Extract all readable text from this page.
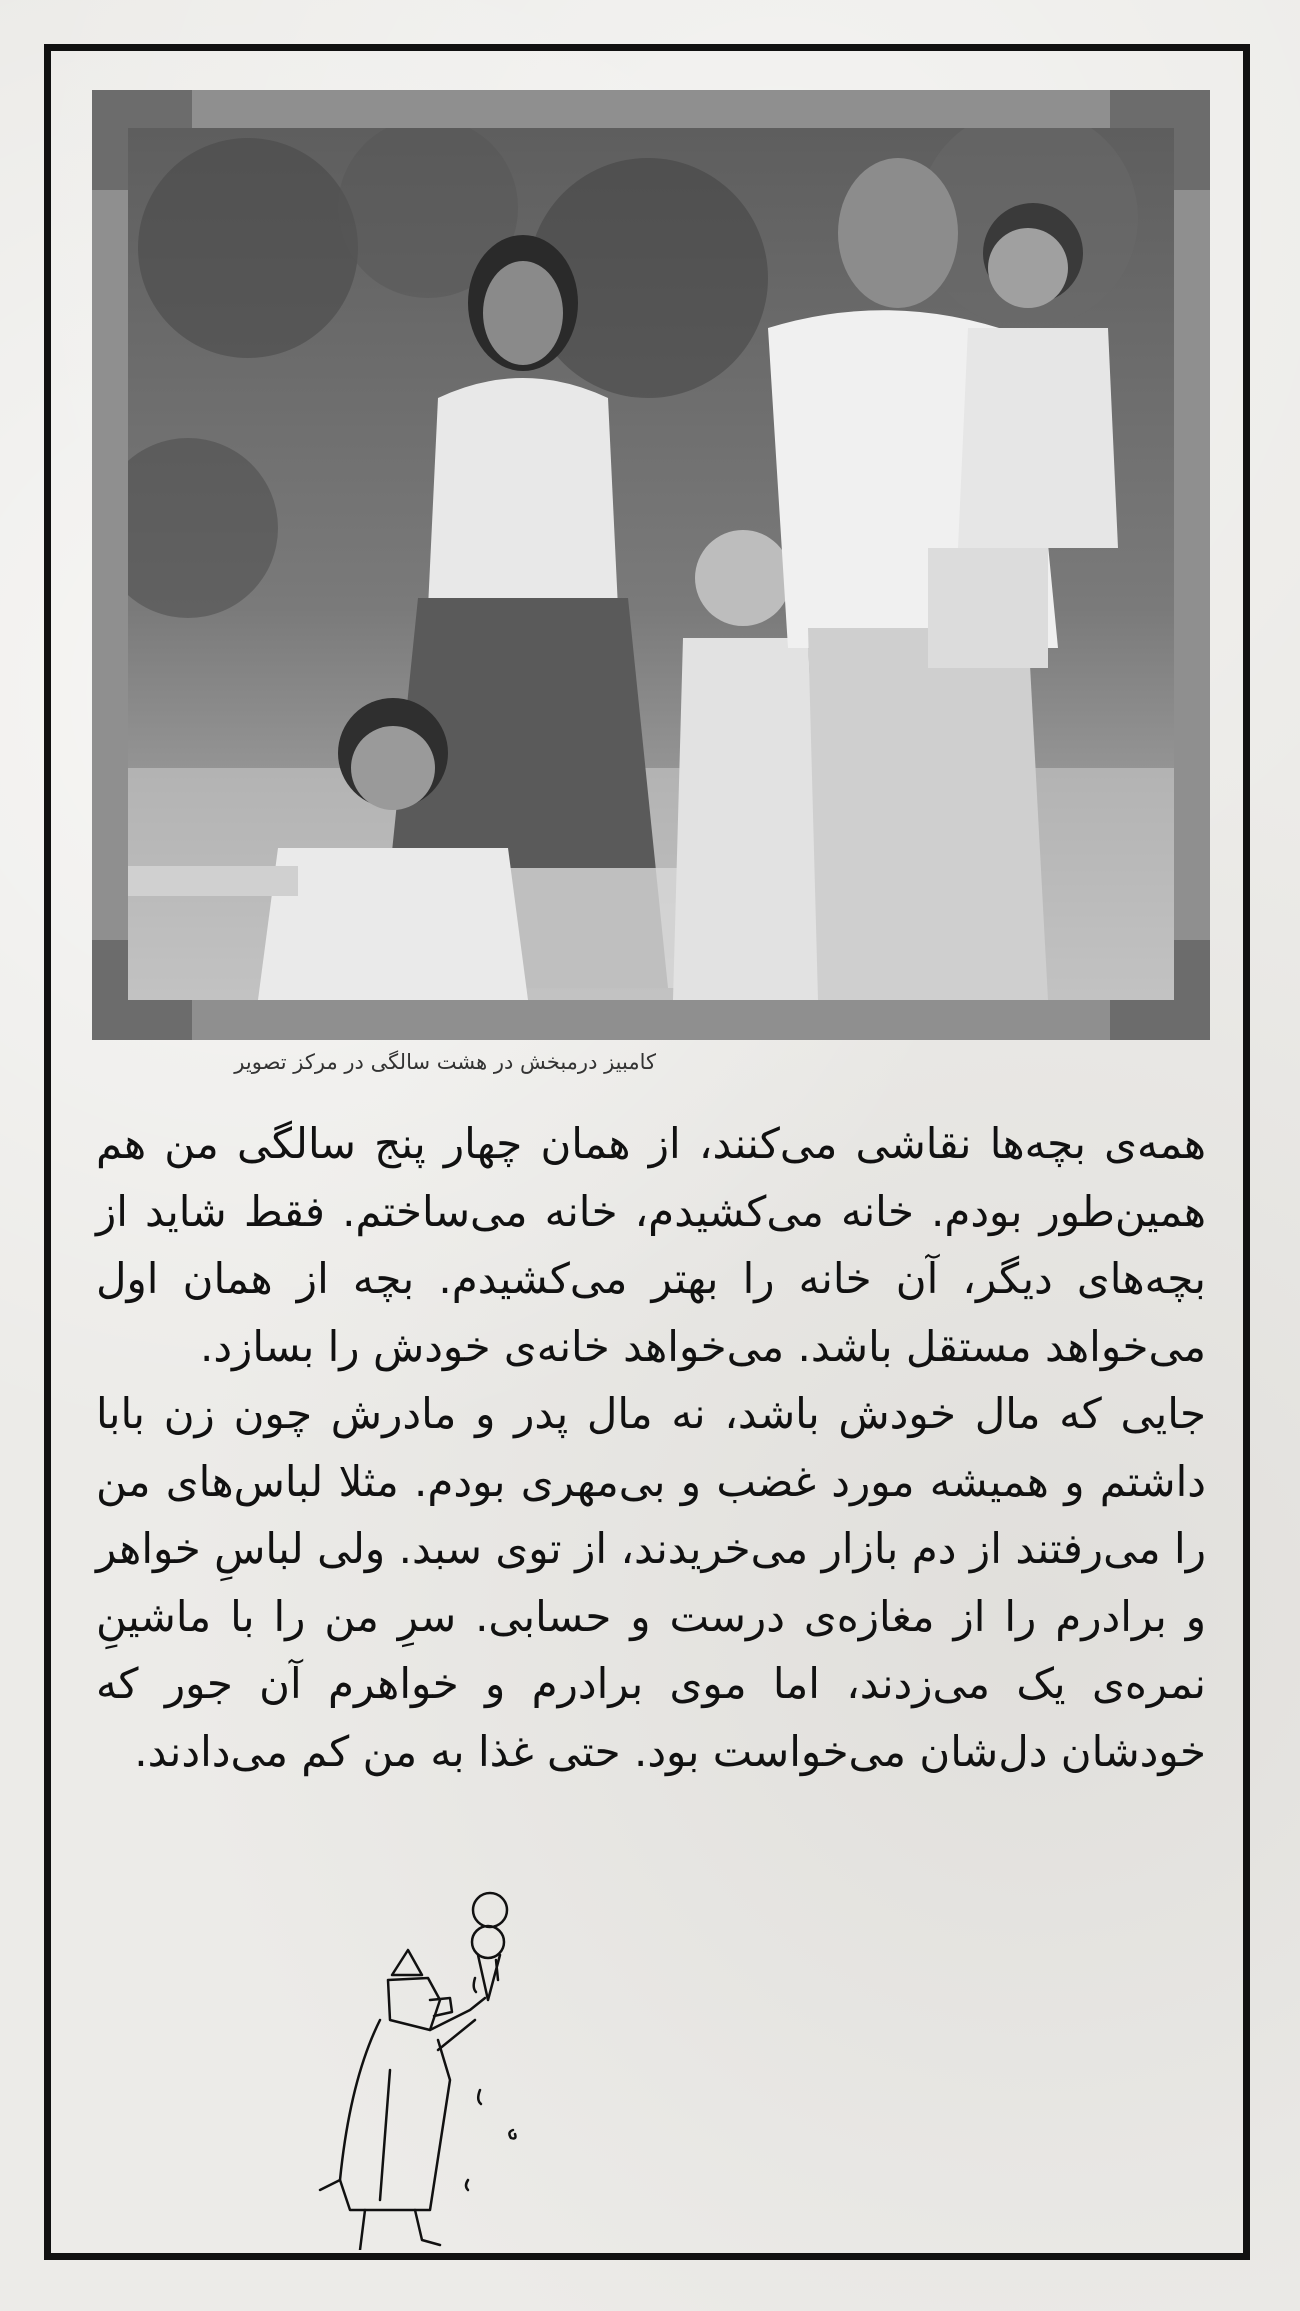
کامبیز درمبخش در هشت سالگی در مرکز تصویر

همه‌ی بچه‌ها نقاشی می‌کنند، از همان چهار پنج سالگی من هم همین‌طور بودم. خانه می‌کشیدم، خانه می‌ساختم. فقط شاید از بچه‌های دیگر، آن خانه را بهتر می‌کشیدم. بچه از همان اول می‌خواهد مستقل باشد. می‌خواهد خانه‌ی خودش را بسازد.

جایی که مال خودش باشد، نه مال پدر و مادرش چون زن بابا داشتم و همیشه مورد غضب و بی‌مهری بودم. مثلا لباس‌های من را می‌رفتند از دم بازار می‌خریدند، از توی سبد. ولی لباسِ خواهر و برادرم را از مغازه‌ی درست و حسابی. سرِ من را با ماشینِ نمره‌ی یک می‌زدند، اما موی برادرم و خواهرم آن جور که خودشان دل‌شان می‌خواست بود. حتی غذا به من کم می‌دادند.
